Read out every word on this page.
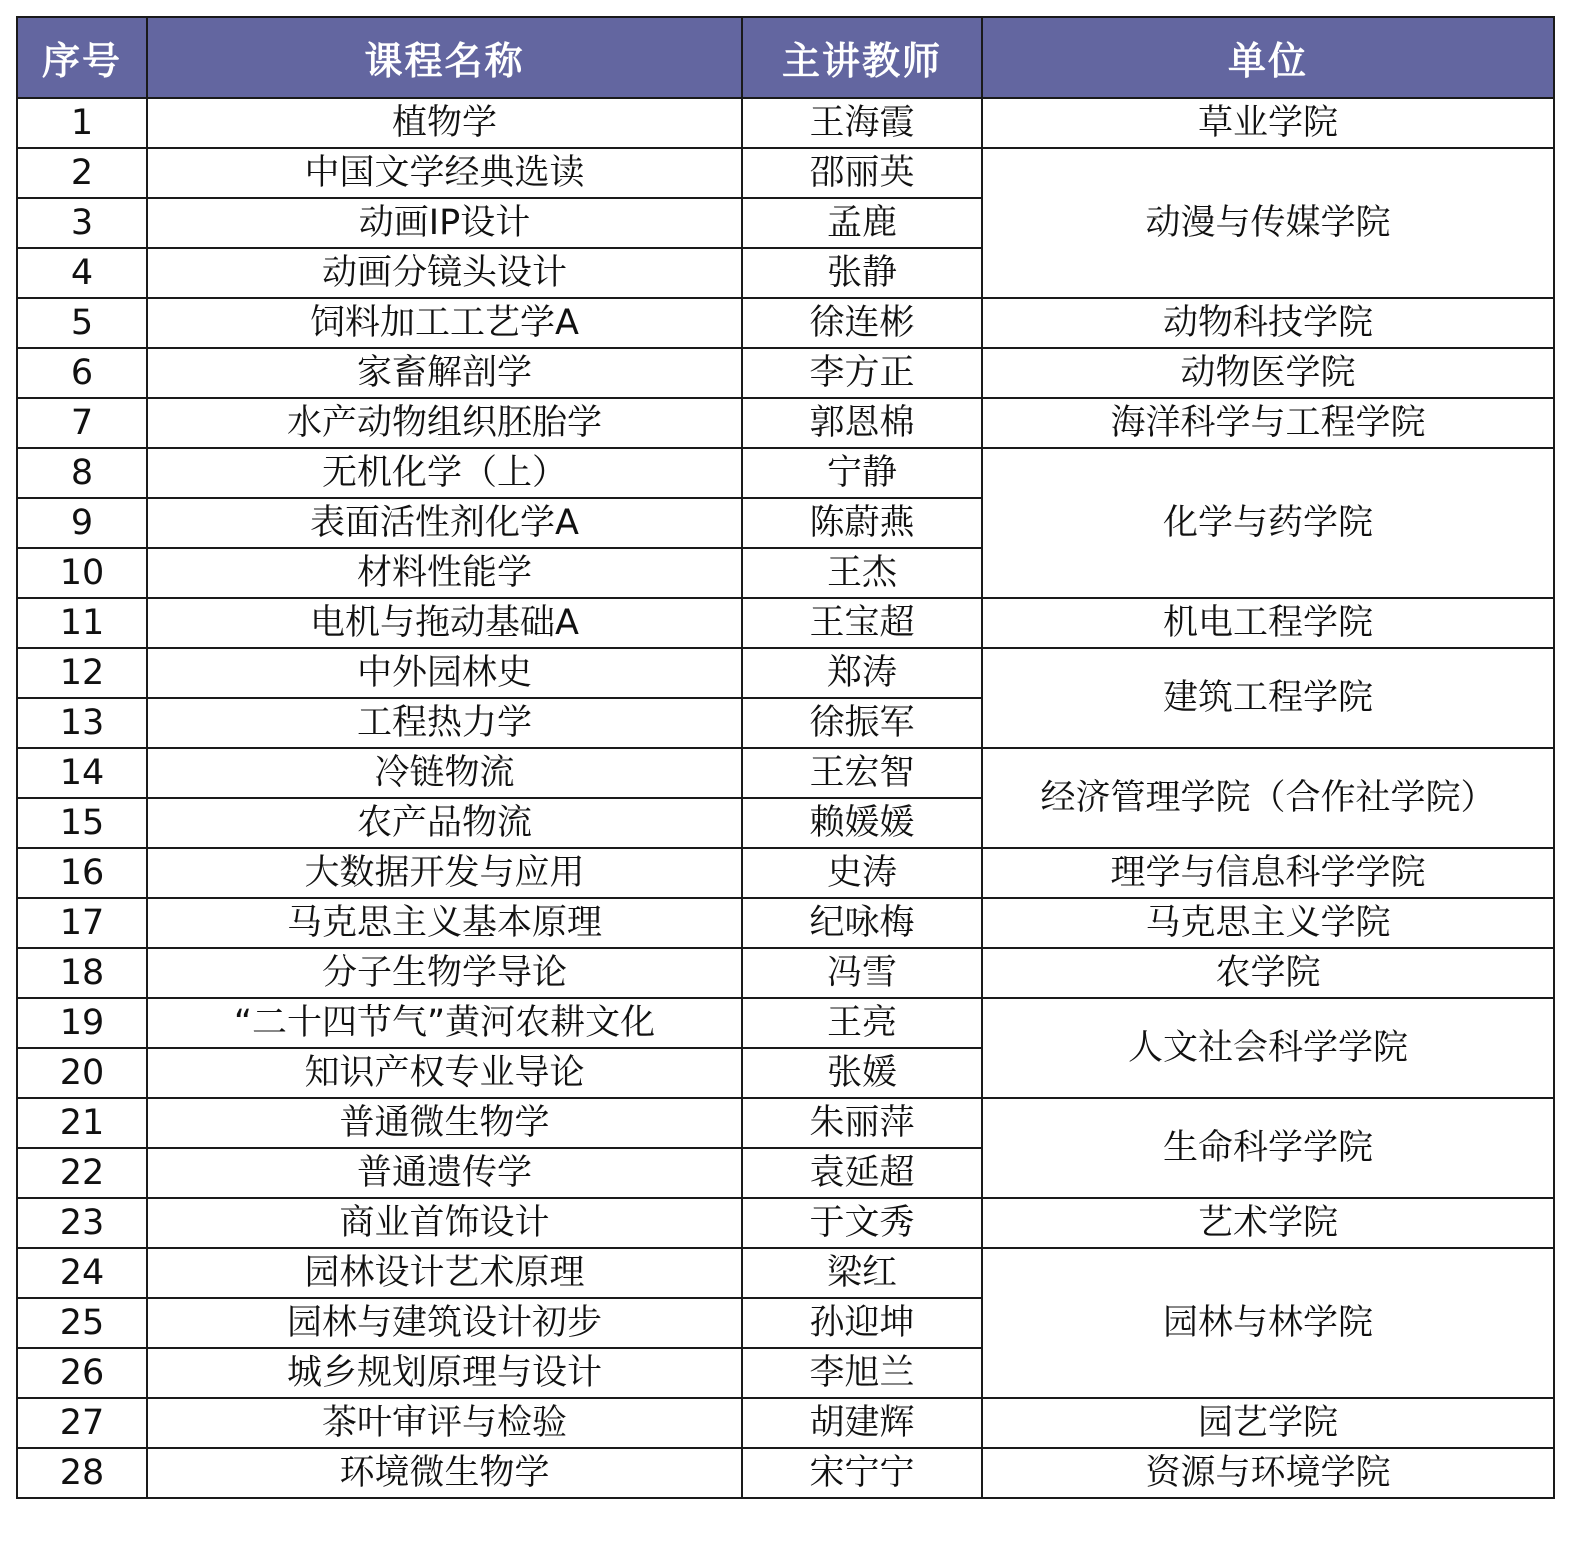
序号	课程名称	主讲教师	单位
1	植物学	王海霞	草业学院
2	中国文学经典选读	邵丽英	动漫与传媒学院
3	动画IP设计	孟鹿	
4	动画分镜头设计	张静	
5	饲料加工工艺学A	徐连彬	动物科技学院
6	家畜解剖学	李方正	动物医学院
7	水产动物组织胚胎学	郭恩棉	海洋科学与工程学院
8	无机化学（上）	宁静	化学与药学院
9	表面活性剂化学A	陈蔚燕	
10	材料性能学	王杰	
11	电机与拖动基础A	王宝超	机电工程学院
12	中外园林史	郑涛	建筑工程学院
13	工程热力学	徐振军	
14	冷链物流	王宏智	经济管理学院（合作社学院）
15	农产品物流	赖媛媛	
16	大数据开发与应用	史涛	理学与信息科学学院
17	马克思主义基本原理	纪咏梅	马克思主义学院
18	分子生物学导论	冯雪	农学院
19	“二十四节气”黄河农耕文化	王亮	人文社会科学学院
20	知识产权专业导论	张媛	
21	普通微生物学	朱丽萍	生命科学学院
22	普通遗传学	袁延超	
23	商业首饰设计	于文秀	艺术学院
24	园林设计艺术原理	梁红	园林与林学院
25	园林与建筑设计初步	孙迎坤	
26	城乡规划原理与设计	李旭兰	
27	茶叶审评与检验	胡建辉	园艺学院
28	环境微生物学	宋宁宁	资源与环境学院
